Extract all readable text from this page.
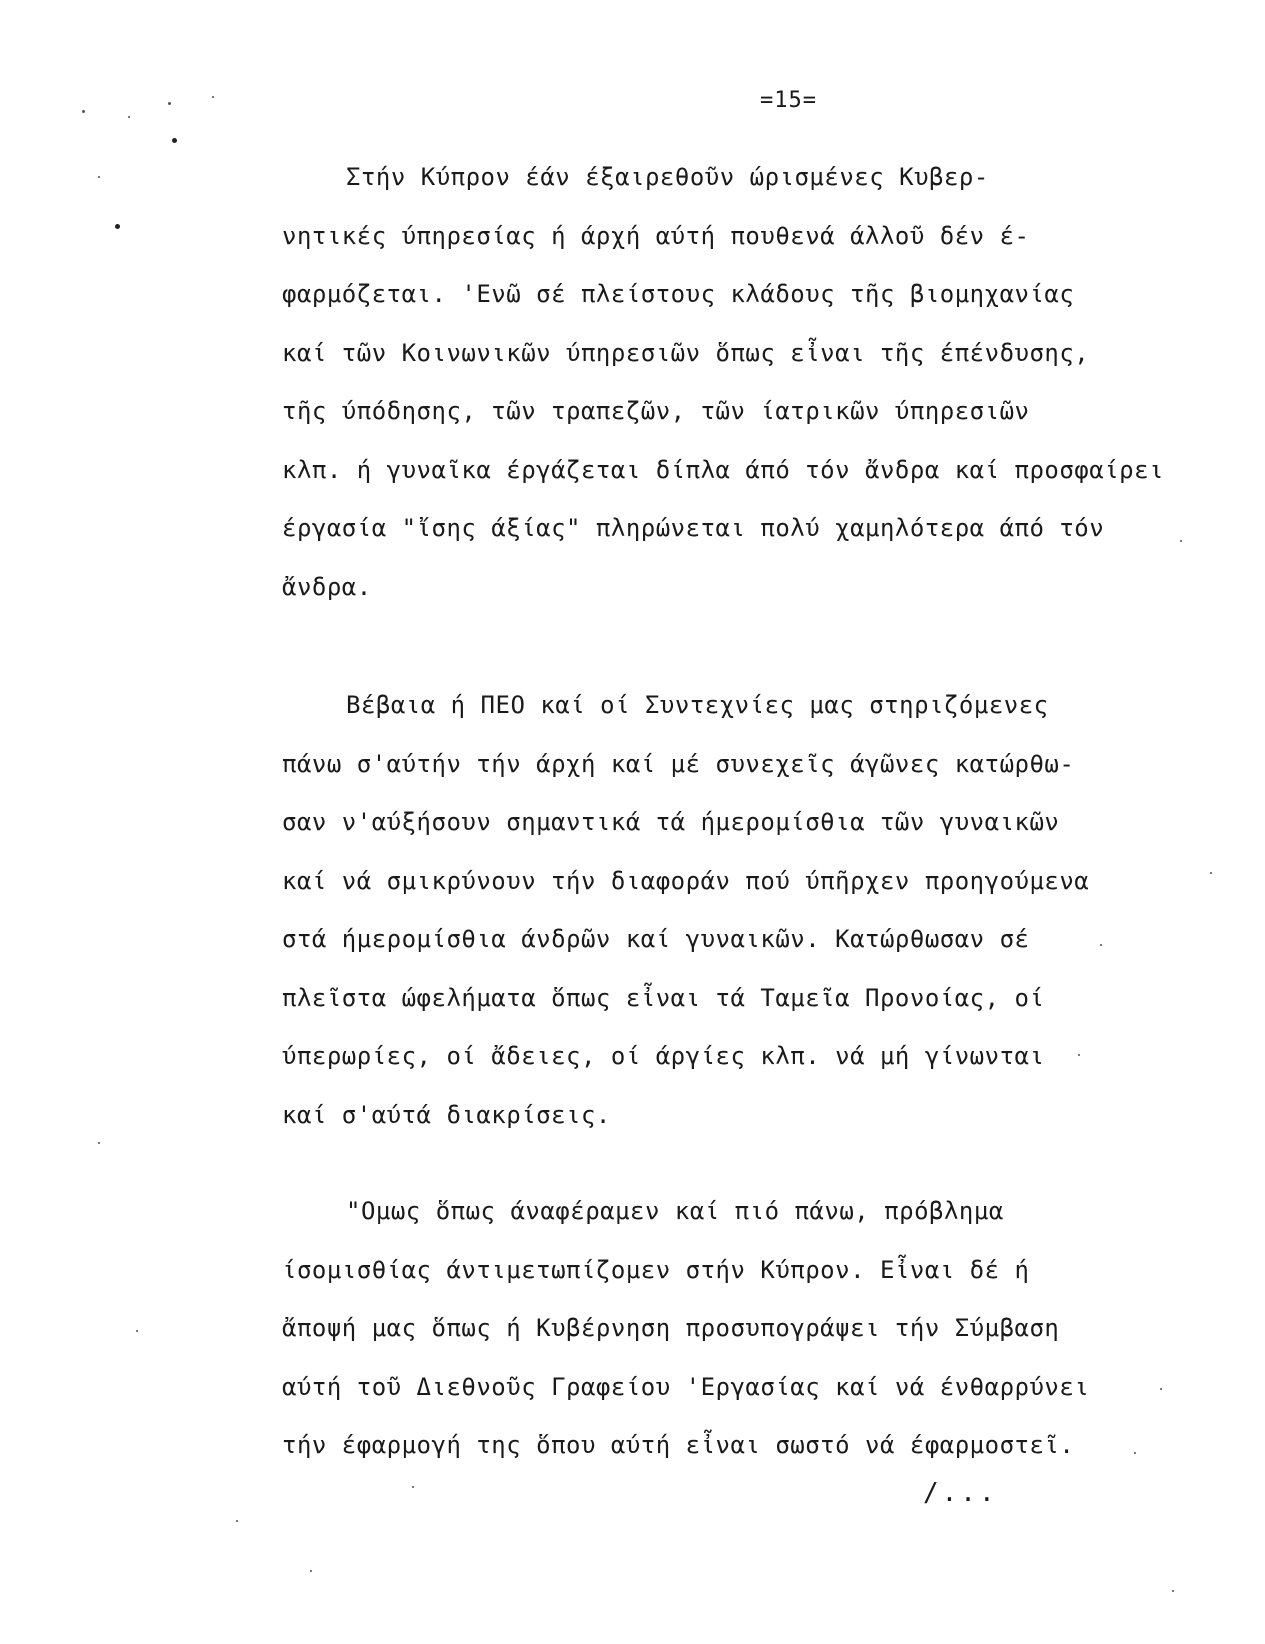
=15=
Στήν Κύπρον έάν έξαιρεθοῦν ώρισμένες Κυβερ-
νητικές ύπηρεσίας ή άρχή αύτή πουθενά άλλοῦ δέν έ-
φαρμόζεται. 'Ενῶ σέ πλείστους κλάδους τῆς βιομηχανίας
καί τῶν Κοινωνικῶν ύπηρεσιῶν ὅπως εἶναι τῆς έπένδυσης,
τῆς ύπόδησης, τῶν τραπεζῶν, τῶν ίατρικῶν ύπηρεσιῶν
κλπ. ή γυναῖκα έργάζεται δίπλα άπό τόν ἄνδρα καί προσφαίρει
έργασία "ἴσης άξίας" πληρώνεται πολύ χαμηλότερα άπό τόν
ἄνδρα.
Βέβαια ή ΠΕΟ καί οί Συντεχνίες μας στηριζόμενες
πάνω σ'αύτήν τήν άρχή καί μέ συνεχεῖς άγῶνες κατώρθω-
σαν ν'αύξήσουν σημαντικά τά ήμερομίσθια τῶν γυναικῶν
καί νά σμικρύνουν τήν διαφοράν πού ύπῆρχεν προηγούμενα
στά ήμερομίσθια άνδρῶν καί γυναικῶν. Κατώρθωσαν σέ
πλεῖστα ώφελήματα ὅπως εἶναι τά Ταμεῖα Προνοίας, οί
ύπερωρίες, οί ἄδειες, οί άργίες κλπ. νά μή γίνωνται
καί σ'αύτά διακρίσεις.
"Ομως ὅπως άναφέραμεν καί πιό πάνω, πρόβλημα
ίσομισθίας άντιμετωπίζομεν στήν Κύπρον. Εἶναι δέ ή
ἄποψή μας ὅπως ή Κυβέρνηση προσυπογράψει τήν Σύμβαση
αύτή τοῦ Διεθνοῦς Γραφείου 'Εργασίας καί νά ένθαρρύνει
τήν έφαρμογή της ὅπου αύτή εἶναι σωστό νά έφαρμοστεῖ.
/...
